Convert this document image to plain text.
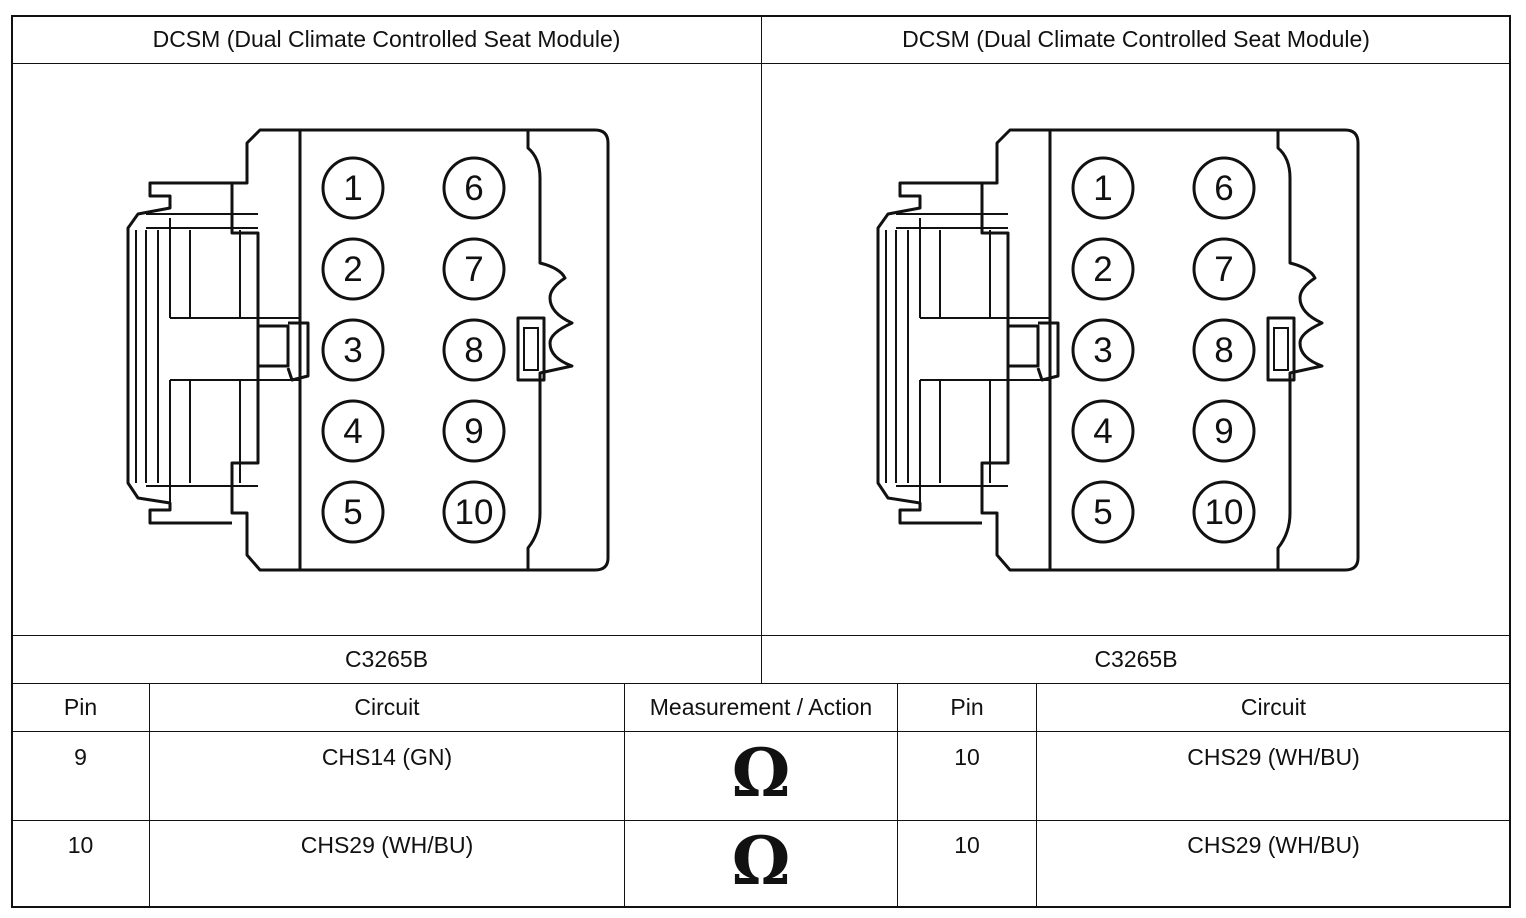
DCSM (Dual Climate Controlled Seat Module)	DCSM (Dual Climate Controlled Seat Module)
1
2
3
4
5
6
7
8
9
10
1
2
3
4
5
6
7
8
9
10
C3265B	C3265B
Pin	Circuit	Measurement / Action	Pin	Circuit
9	CHS14 (GN)	Ω	10	CHS29 (WH/BU)
10	CHS29 (WH/BU)	Ω	10	CHS29 (WH/BU)
